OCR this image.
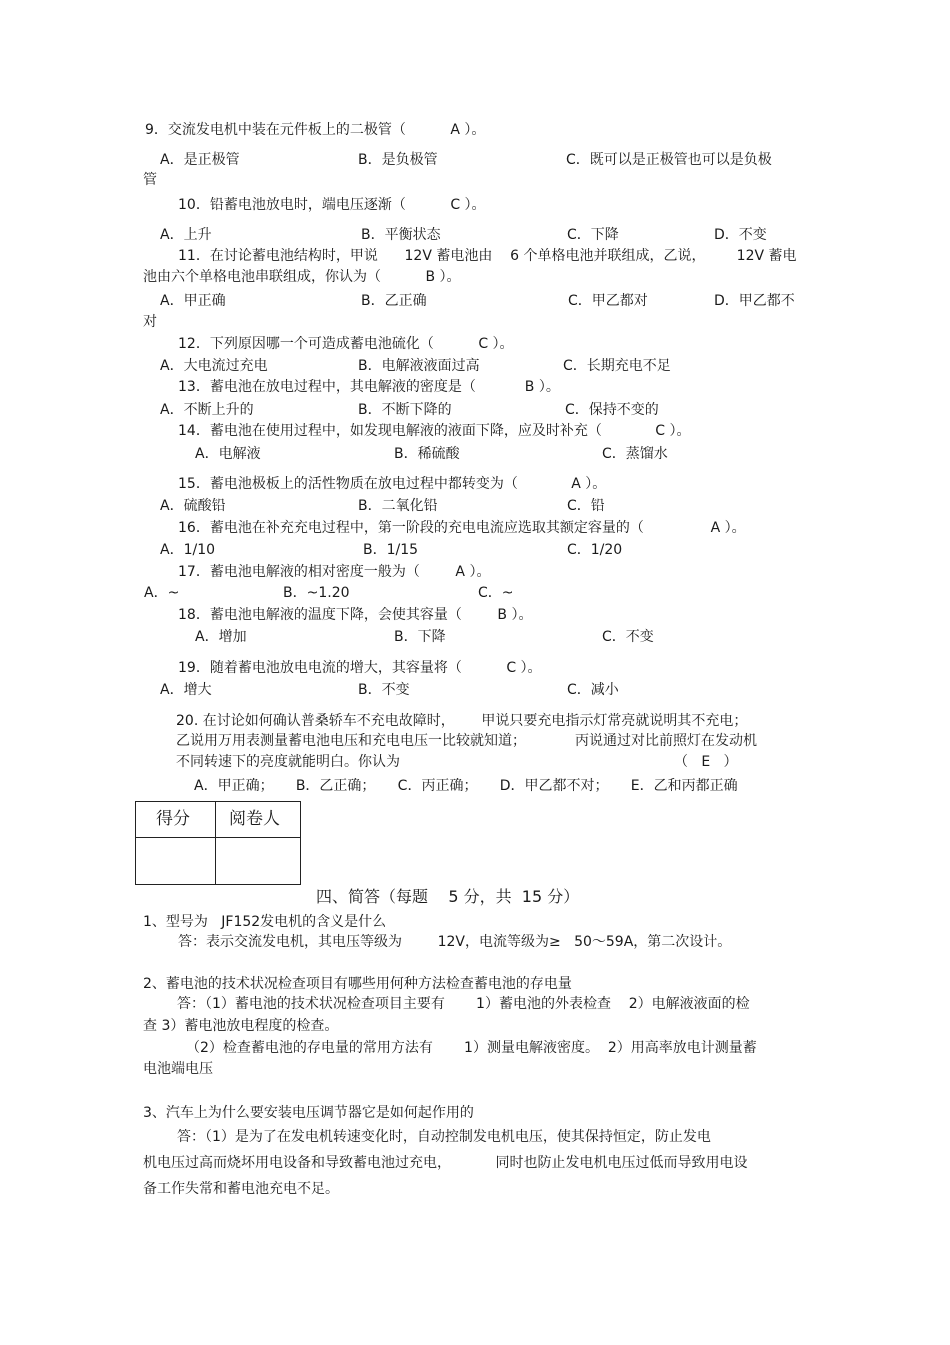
9．交流发电机中装在元件板上的二极管（          A ）。
A．是正极管	B．是负极管	C．既可以是正极管也可以是负极
管
10．铅蓄电池放电时，端电压逐渐（          C ）。
A．上升	B．平衡状态	C．下降	D．不变
11．在讨论蓄电池结构时，甲说      12V 蓄电池由    6 个单格电池并联组成，乙说，       12V 蓄电
池由六个单格电池串联组成，你认为（          B ）。
A．甲正确	B．乙正确	C．甲乙都对	D．甲乙都不
对
12．下列原因哪一个可造成蓄电池硫化（          C ）。
A．大电流过充电	B．电解液液面过高	C．长期充电不足
13．蓄电池在放电过程中，其电解液的密度是（           B ）。
A．不断上升的	B．不断下降的	C．保持不变的
14．蓄电池在使用过程中，如发现电解液的液面下降，应及时补充（            C ）。
A．电解液	B．稀硫酸	C．蒸馏水
15．蓄电池极板上的活性物质在放电过程中都转变为（            A ）。
A．硫酸铅	B．二氧化铅	C．铅
16．蓄电池在补充充电过程中，第一阶段的充电电流应选取其额定容量的（               A ）。
A．1/10	B．1/15	C．1/20
17．蓄电池电解液的相对密度一般为（        A ）。
A．~	B．~1.20	C．~
18．蓄电池电解液的温度下降，会使其容量（        B ）。
A．增加	B．下降	C．不变
19．随着蓄电池放电电流的增大，其容量将（          C ）。
A．增大	B．不变	C．减小
20. 在讨论如何确认普桑轿车不充电故障时，      甲说只要充电指示灯常亮就说明其不充电；
乙说用万用表测量蓄电池电压和充电电压一比较就知道；           丙说通过对比前照灯在发动机
不同转速下的亮度就能明白。你认为	（   E   ）
A．甲正确；     B．乙正确；     C．丙正确；     D．甲乙都不对；     E．乙和丙都正确
得分 阅卷人
四、简答（每题    5 分，共  15 分）
1、型号为   JF152发电机的含义是什么
答：表示交流发电机，其电压等级为        12V，电流等级为≥   50～59A，第二次设计。
2、蓄电池的技术状况检查项目有哪些用何种方法检查蓄电池的存电量
答：（1）蓄电池的技术状况检查项目主要有       1）蓄电池的外表检查    2）电解液液面的检
查 3）蓄电池放电程度的检查。
（2）检查蓄电池的存电量的常用方法有       1）测量电解液密度。  2）用高率放电计测量蓄
电池端电压
3、汽车上为什么要安装电压调节器它是如何起作用的
答：（1）是为了在发电机转速变化时，自动控制发电机电压，使其保持恒定，防止发电
机电压过高而烧坏用电设备和导致蓄电池过充电，          同时也防止发电机电压过低而导致用电设
备工作失常和蓄电池充电不足。
